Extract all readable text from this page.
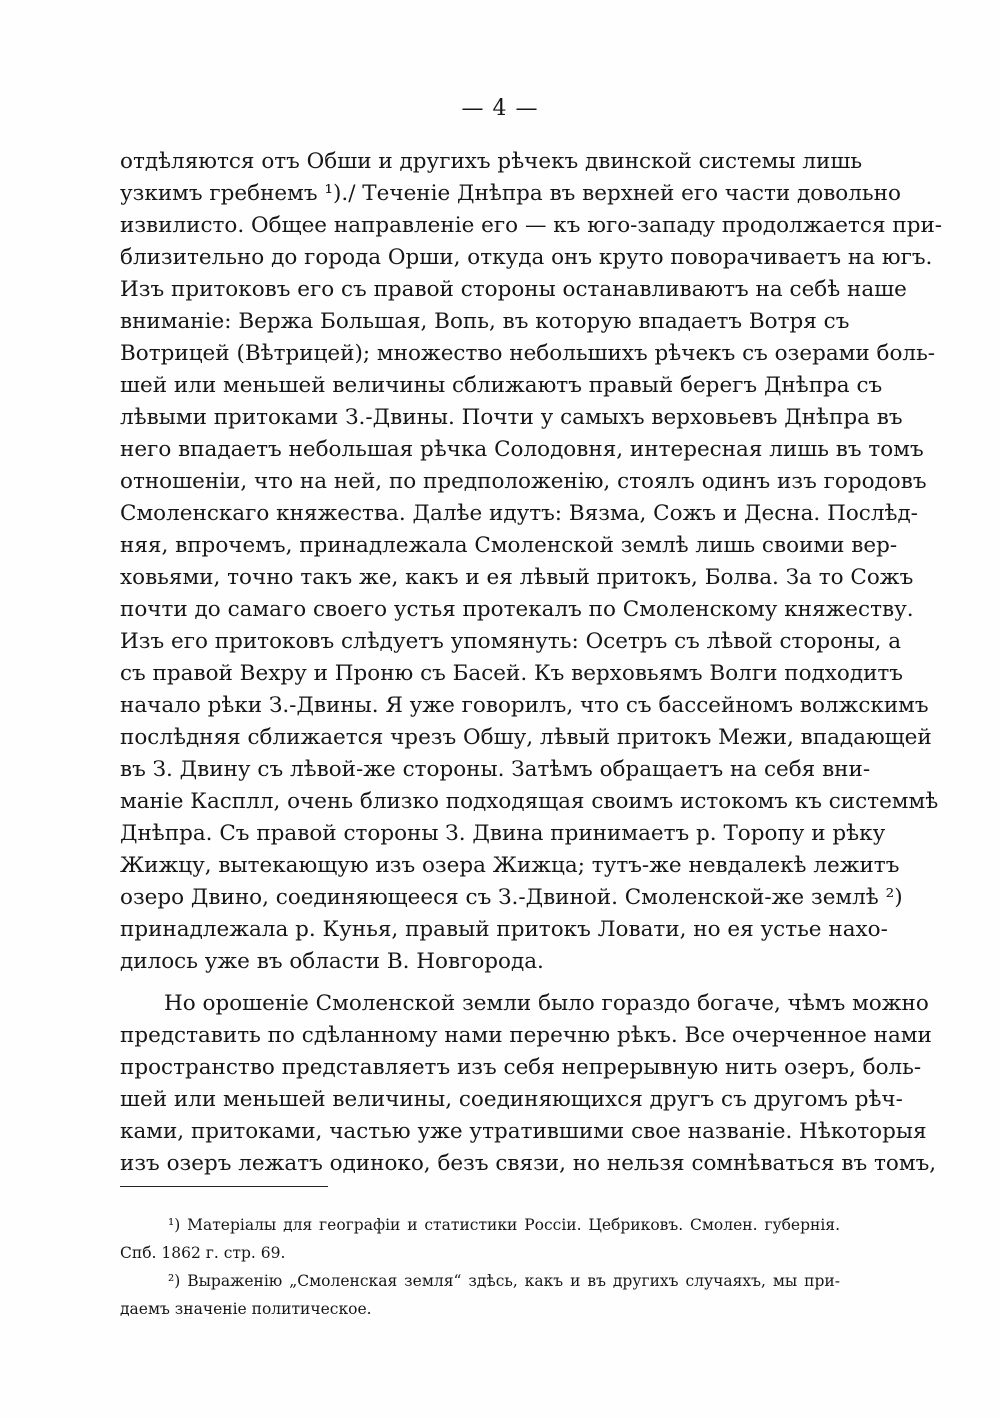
— 4 —
отдѣляются отъ Обши и другихъ рѣчекъ двинской системы лишь
узкимъ гребнемъ ¹)./ Теченіе Днѣпра въ верхней его части довольно
извилисто. Общее направленіе его — къ юго-западу продолжается при-
близительно до города Орши, откуда онъ круто поворачиваетъ на югъ.
Изъ притоковъ его съ правой стороны останавливаютъ на себѣ наше
вниманіе: Вержа Большая, Вопь, въ которую впадаетъ Вотря съ
Вотрицей (Вѣтрицей); множество небольшихъ рѣчекъ съ озерами боль-
шей или меньшей величины сближаютъ правый берегъ Днѣпра съ
лѣвыми притоками З.-Двины. Почти у самыхъ верховьевъ Днѣпра въ
него впадаетъ небольшая рѣчка Солодовня, интересная лишь въ томъ
отношеніи, что на ней, по предположенію, стоялъ одинъ изъ городовъ
Смоленскаго княжества. Далѣе идутъ: Вязма, Сожъ и Десна. Послѣд-
няя, впрочемъ, принадлежала Смоленской землѣ лишь своими вер-
ховьями, точно такъ же, какъ и ея лѣвый притокъ, Болва. За то Сожъ
почти до самаго своего устья протекалъ по Смоленскому княжеству.
Изъ его притоковъ слѣдуетъ упомянуть: Осетръ съ лѣвой стороны, а
съ правой Вехру и Проню съ Басей. Къ верховьямъ Волги подходитъ
начало рѣки З.-Двины. Я уже говорилъ, что съ бассейномъ волжскимъ
послѣдняя сближается чрезъ Обшу, лѣвый притокъ Межи, впадающей
въ З. Двину съ лѣвой-же стороны. Затѣмъ обращаетъ на себя вни-
маніе Касплл, очень близко подходящая своимъ истокомъ къ системмѣ
Днѣпра. Съ правой стороны З. Двина принимаетъ р. Торопу и рѣку
Жижцу, вытекающую изъ озера Жижца; тутъ-же невдалекѣ лежитъ
озеро Двино, соединяющееся съ З.-Двиной. Смоленской-же землѣ ²)
принадлежала р. Кунья, правый притокъ Ловати, но ея устье нахо-
дилось уже въ области В. Новгорода.
Но орошеніе Смоленской земли было гораздо богаче, чѣмъ можно
представить по сдѣланному нами перечню рѣкъ. Все очерченное нами
пространство представляетъ изъ себя непрерывную нить озеръ, боль-
шей или меньшей величины, соединяющихся другъ съ другомъ рѣч-
ками, притоками, частью уже утратившими свое названіе. Нѣкоторыя
изъ озеръ лежатъ одиноко, безъ связи, но нельзя сомнѣваться въ томъ,
¹) Матеріалы для географіи и статистики Россіи. Цебриковъ. Смолен. губернія.
Спб. 1862 г. стр. 69.
²) Выраженію „Смоленская земля“ здѣсь, какъ и въ другихъ случаяхъ, мы при-
даемъ значеніе политическое.
